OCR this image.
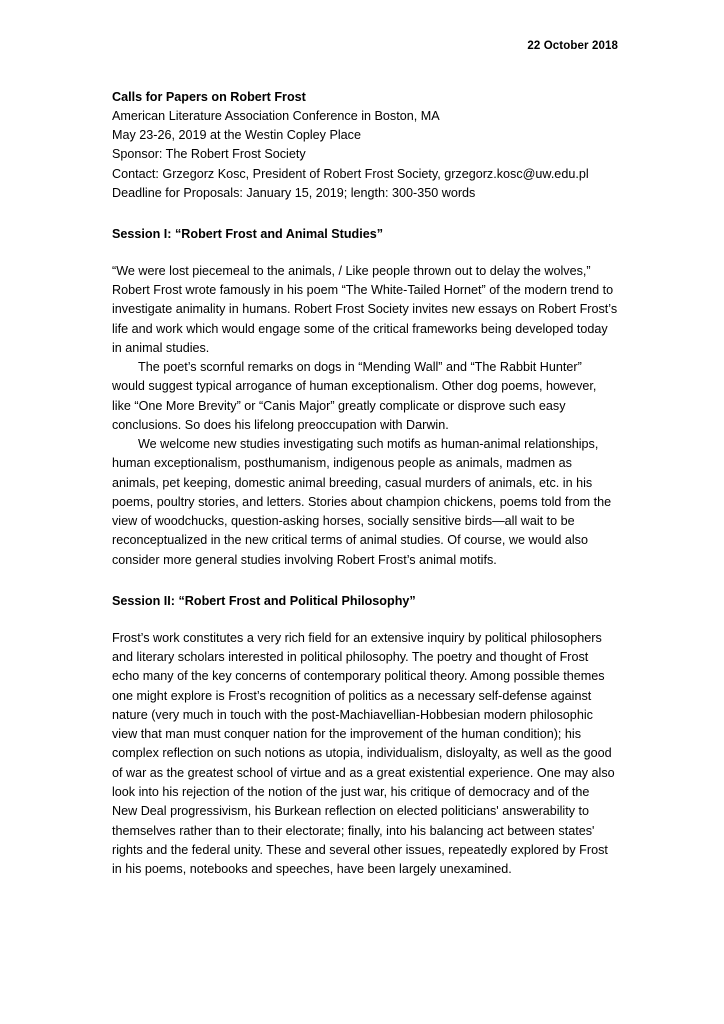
22 October 2018

Calls for Papers on Robert Frost

American Literature Association Conference in Boston, MA

May 23-26, 2019 at the Westin Copley Place

Sponsor: The Robert Frost Society

Contact: Grzegorz Kosc, President of Robert Frost Society, grzegorz.kosc@uw.edu.pl

Deadline for Proposals: January 15, 2019; length: 300-350 words

Session I: “Robert Frost and Animal Studies”

“We were lost piecemeal to the animals, / Like people thrown out to delay the wolves,” Robert Frost wrote famously in his poem “The White-Tailed Hornet” of the modern trend to investigate animality in humans. Robert Frost Society invites new essays on Robert Frost’s life and work which would engage some of the critical frameworks being developed today in animal studies.

The poet’s scornful remarks on dogs in “Mending Wall” and “The Rabbit Hunter” would suggest typical arrogance of human exceptionalism. Other dog poems, however, like “One More Brevity” or “Canis Major” greatly complicate or disprove such easy conclusions. So does his lifelong preoccupation with Darwin.

We welcome new studies investigating such motifs as human-animal relationships, human exceptionalism, posthumanism, indigenous people as animals, madmen as animals, pet keeping, domestic animal breeding, casual murders of animals, etc. in his poems, poultry stories, and letters. Stories about champion chickens, poems told from the view of woodchucks, question-asking horses, socially sensitive birds—all wait to be reconceptualized in the new critical terms of animal studies. Of course, we would also consider more general studies involving Robert Frost’s animal motifs.

Session II: “Robert Frost and Political Philosophy”

Frost’s work constitutes a very rich field for an extensive inquiry by political philosophers and literary scholars interested in political philosophy. The poetry and thought of Frost echo many of the key concerns of contemporary political theory. Among possible themes one might explore is Frost’s recognition of politics as a necessary self-defense against nature (very much in touch with the post-Machiavellian-Hobbesian modern philosophic view that man must conquer nation for the improvement of the human condition); his complex reflection on such notions as utopia, individualism, disloyalty, as well as the good of war as the greatest school of virtue and as a great existential experience. One may also look into his rejection of the notion of the just war, his critique of democracy and of the New Deal progressivism, his Burkean reflection on elected politicians' answerability to themselves rather than to their electorate; finally, into his balancing act between states' rights and the federal unity. These and several other issues, repeatedly explored by Frost in his poems, notebooks and speeches, have been largely unexamined.
